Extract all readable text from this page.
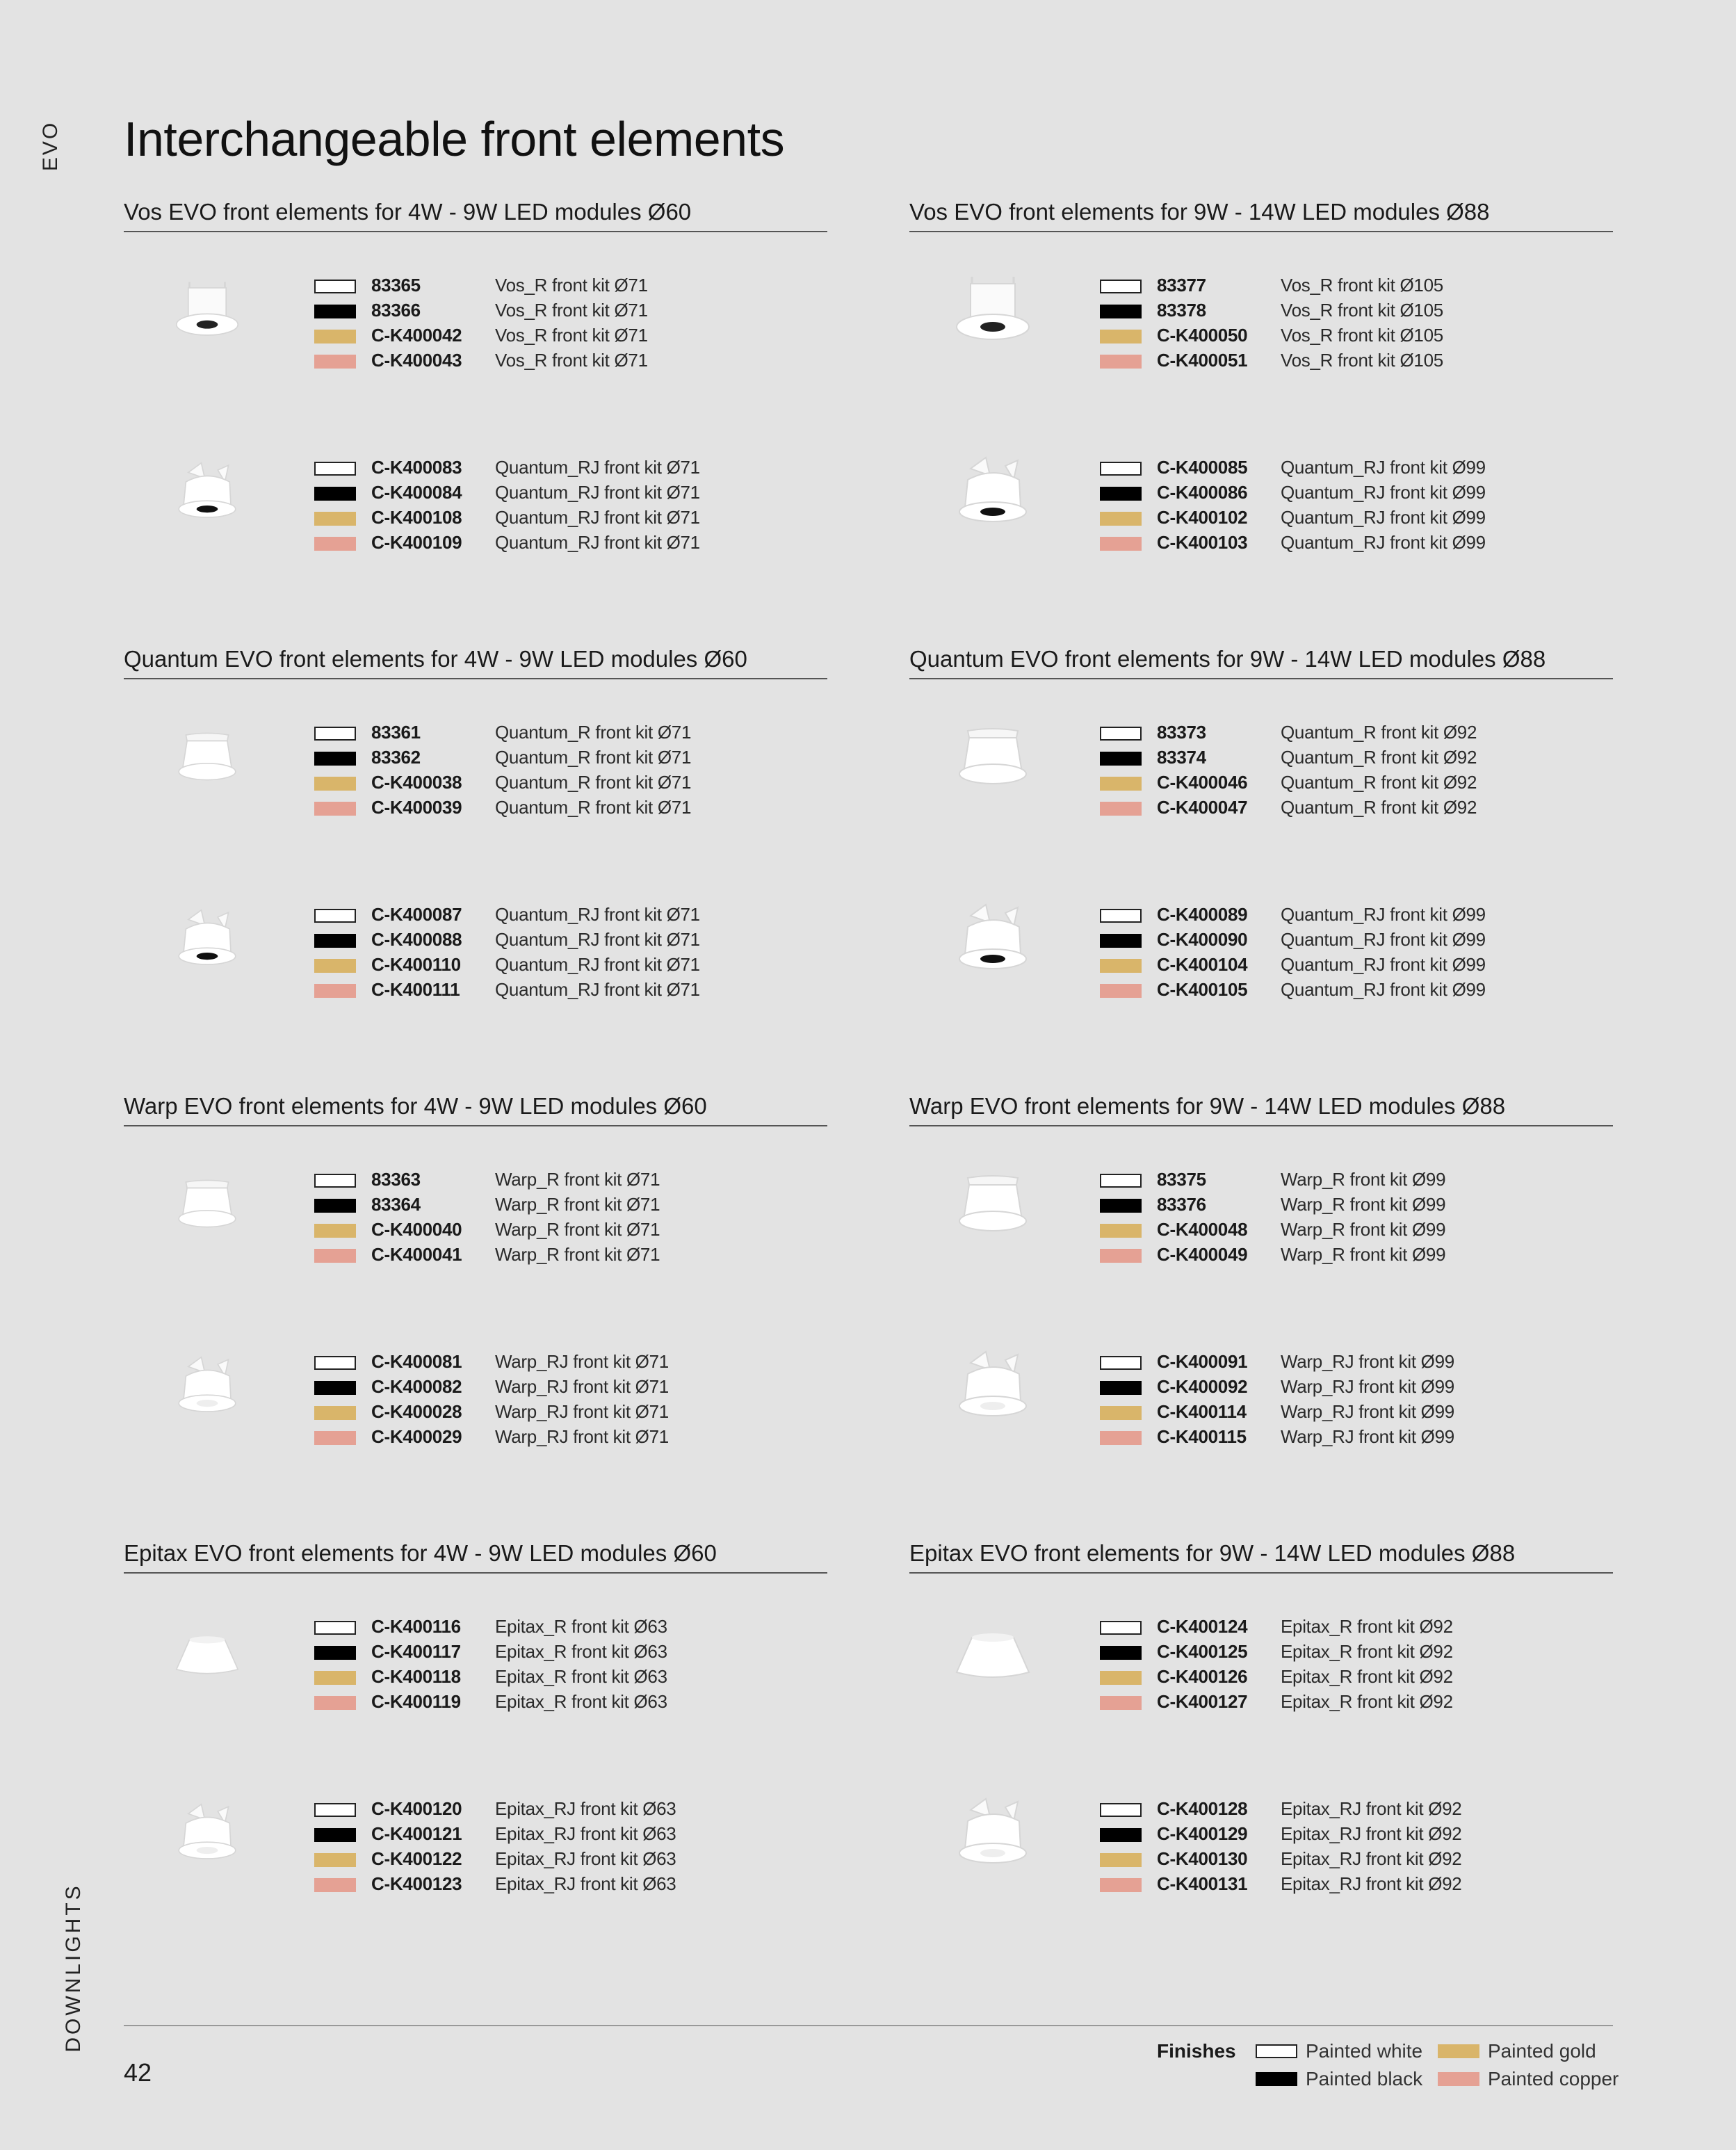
EVO
DOWNLIGHTS
Interchangeable front elements
Vos EVO front elements for 4W - 9W LED modules Ø60
83365	Vos_R front kit Ø71
83366	Vos_R front kit Ø71
C-K400042 Vos_R front kit Ø71
C-K400043 Vos_R front kit Ø71
C-K400083 Quantum_RJ front kit Ø71
C-K400084 Quantum_RJ front kit Ø71
C-K400108 Quantum_RJ front kit Ø71
C-K400109 Quantum_RJ front kit Ø71
Vos EVO front elements for 9W - 14W LED modules Ø88
83377	Vos_R front kit Ø105
83378	Vos_R front kit Ø105
C-K400050 Vos_R front kit Ø105
C-K400051 Vos_R front kit Ø105
C-K400085 Quantum_RJ front kit Ø99
C-K400086 Quantum_RJ front kit Ø99
C-K400102 Quantum_RJ front kit Ø99
C-K400103 Quantum_RJ front kit Ø99
Quantum EVO front elements for 4W - 9W LED modules Ø60
83361	Quantum_R front kit Ø71
83362	Quantum_R front kit Ø71
C-K400038 Quantum_R front kit Ø71
C-K400039 Quantum_R front kit Ø71
C-K400087 Quantum_RJ front kit Ø71
C-K400088 Quantum_RJ front kit Ø71
C-K400110 Quantum_RJ front kit Ø71
C-K400111 Quantum_RJ front kit Ø71
Quantum EVO front elements for 9W - 14W LED modules Ø88
83373	Quantum_R front kit Ø92
83374	Quantum_R front kit Ø92
C-K400046 Quantum_R front kit Ø92
C-K400047 Quantum_R front kit Ø92
C-K400089 Quantum_RJ front kit Ø99
C-K400090 Quantum_RJ front kit Ø99
C-K400104 Quantum_RJ front kit Ø99
C-K400105 Quantum_RJ front kit Ø99
Warp EVO front elements for 4W - 9W LED modules Ø60
83363	Warp_R front kit Ø71
83364	Warp_R front kit Ø71
C-K400040 Warp_R front kit Ø71
C-K400041 Warp_R front kit Ø71
C-K400081 Warp_RJ front kit Ø71
C-K400082 Warp_RJ front kit Ø71
C-K400028 Warp_RJ front kit Ø71
C-K400029 Warp_RJ front kit Ø71
Warp EVO front elements for 9W - 14W LED modules Ø88
83375	Warp_R front kit Ø99
83376	Warp_R front kit Ø99
C-K400048 Warp_R front kit Ø99
C-K400049 Warp_R front kit Ø99
C-K400091 Warp_RJ front kit Ø99
C-K400092 Warp_RJ front kit Ø99
C-K400114 Warp_RJ front kit Ø99
C-K400115 Warp_RJ front kit Ø99
Epitax EVO front elements for 4W - 9W LED modules Ø60
C-K400116 Epitax_R front kit Ø63
C-K400117 Epitax_R front kit Ø63
C-K400118 Epitax_R front kit Ø63
C-K400119 Epitax_R front kit Ø63
C-K400120 Epitax_RJ front kit Ø63
C-K400121 Epitax_RJ front kit Ø63
C-K400122 Epitax_RJ front kit Ø63
C-K400123 Epitax_RJ front kit Ø63
Epitax EVO front elements for 9W - 14W LED modules Ø88
C-K400124 Epitax_R front kit Ø92
C-K400125 Epitax_R front kit Ø92
C-K400126 Epitax_R front kit Ø92
C-K400127 Epitax_R front kit Ø92
C-K400128 Epitax_RJ front kit Ø92
C-K400129 Epitax_RJ front kit Ø92
C-K400130 Epitax_RJ front kit Ø92
C-K400131 Epitax_RJ front kit Ø92
42
Finishes	Painted white
Painted black
Painted gold
Painted copper
